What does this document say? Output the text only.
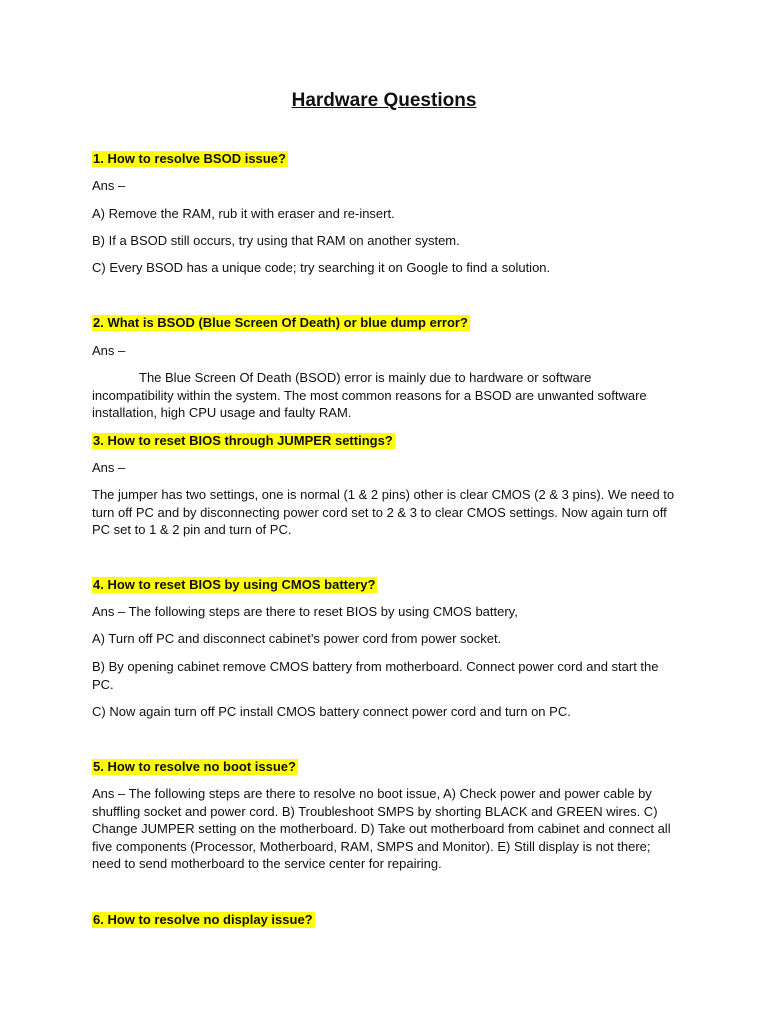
Hardware Questions
1. How to resolve BSOD issue?

Ans –

A) Remove the RAM, rub it with eraser and re-insert.

B) If a BSOD still occurs, try using that RAM on another system.

C) Every BSOD has a unique code; try searching it on Google to find a solution.

2. What is BSOD (Blue Screen Of Death) or blue dump error?

Ans –

The Blue Screen Of Death (BSOD) error is mainly due to hardware or software incompatibility within the system. The most common reasons for a BSOD are unwanted software installation, high CPU usage and faulty RAM.

3. How to reset BIOS through JUMPER settings?

Ans –

The jumper has two settings, one is normal (1 & 2 pins) other is clear CMOS (2 & 3 pins). We need to turn off PC and by disconnecting power cord set to 2 & 3 to clear CMOS settings. Now again turn off PC set to 1 & 2 pin and turn of PC.

4. How to reset BIOS by using CMOS battery?

Ans – The following steps are there to reset BIOS by using CMOS battery,

A) Turn off PC and disconnect cabinet’s power cord from power socket.

B) By opening cabinet remove CMOS battery from motherboard. Connect power cord and start the PC.

C) Now again turn off PC install CMOS battery connect power cord and turn on PC.

5. How to resolve no boot issue?

Ans – The following steps are there to resolve no boot issue, A) Check power and power cable by shuffling socket and power cord. B) Troubleshoot SMPS by shorting BLACK and GREEN wires. C) Change JUMPER setting on the motherboard. D) Take out motherboard from cabinet and connect all five components (Processor, Motherboard, RAM, SMPS and Monitor). E) Still display is not there; need to send motherboard to the service center for repairing.

6. How to resolve no display issue?
